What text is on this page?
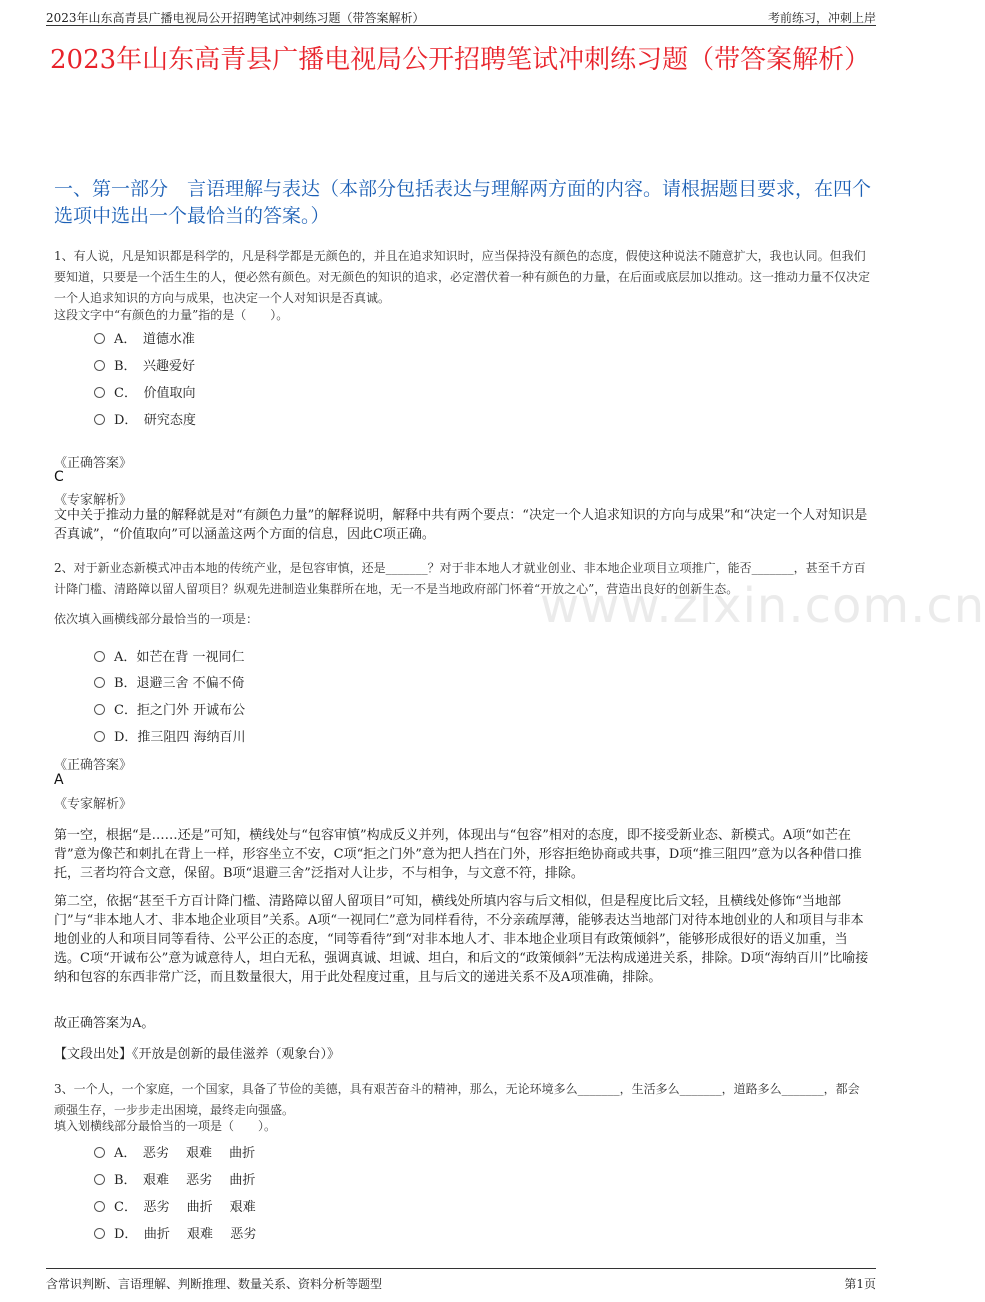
2023年山东高青县广播电视局公开招聘笔试冲刺练习题（带答案解析）	考前练习，冲刺上岸
2023年山东高青县广播电视局公开招聘笔试冲刺练习题（带答案解析）
一、第一部分　言语理解与表达（本部分包括表达与理解两方面的内容。请根据题目要求，在四个选项中选出一个最恰当的答案。）
1、有人说，凡是知识都是科学的，凡是科学都是无颜色的，并且在追求知识时，应当保持没有颜色的态度，假使这种说法不随意扩大，我也认同。但我们要知道，只要是一个活生生的人，便必然有颜色。对无颜色的知识的追求，必定潜伏着一种有颜色的力量，在后面或底层加以推动。这一推动力量不仅决定一个人追求知识的方向与成果，也决定一个人对知识是否真诚。
这段文字中“有颜色的力量”指的是（　　）。
A．　道德水准
B．　兴趣爱好
C．　价值取向
D．　研究态度
《正确答案》
C
《专家解析》
文中关于推动力量的解释就是对“有颜色力量”的解释说明，解释中共有两个要点：“决定一个人追求知识的方向与成果”和“决定一个人对知识是否真诚”，“价值取向”可以涵盖这两个方面的信息，因此C项正确。
2、对于新业态新模式冲击本地的传统产业，是包容审慎，还是_______？对于非本地人才就业创业、非本地企业项目立项推广，能否_______，甚至千方百计降门槛、清路障以留人留项目？纵观先进制造业集群所在地，无一不是当地政府部门怀着“开放之心”，营造出良好的创新生态。
依次填入画横线部分最恰当的一项是：
A．如芒在背 一视同仁
B．退避三舍 不偏不倚
C．拒之门外 开诚布公
D．推三阻四 海纳百川
《正确答案》
A
《专家解析》
第一空，根据“是……还是”可知，横线处与“包容审慎”构成反义并列，体现出与“包容”相对的态度，即不接受新业态、新模式。A项“如芒在背”意为像芒和刺扎在背上一样，形容坐立不安，C项“拒之门外”意为把人挡在门外，形容拒绝协商或共事，D项“推三阻四”意为以各种借口推托，三者均符合文意，保留。B项“退避三舍”泛指对人让步，不与相争，与文意不符，排除。
第二空，依据“甚至千方百计降门槛、清路障以留人留项目”可知，横线处所填内容与后文相似，但是程度比后文轻，且横线处修饰“当地部门”与“非本地人才、非本地企业项目”关系。A项“一视同仁”意为同样看待，不分亲疏厚薄，能够表达当地部门对待本地创业的人和项目与非本地创业的人和项目同等看待、公平公正的态度，“同等看待”到“对非本地人才、非本地企业项目有政策倾斜”，能够形成很好的语义加重，当选。C项“开诚布公”意为诚意待人，坦白无私，强调真诚、坦诚、坦白，和后文的“政策倾斜”无法构成递进关系，排除。D项“海纳百川”比喻接纳和包容的东西非常广泛，而且数量很大，用于此处程度过重，且与后文的递进关系不及A项准确，排除。
故正确答案为A。
【文段出处】《开放是创新的最佳滋养（观象台）》
3、一个人，一个家庭，一个国家，具备了节俭的美德，具有艰苦奋斗的精神，那么，无论环境多么_______，生活多么_______，道路多么_______，都会顽强生存，一步步走出困境，最终走向强盛。
填入划横线部分最恰当的一项是（　　）。
A．　恶劣　 艰难　 曲折
B．　艰难　 恶劣　 曲折
C．　恶劣　 曲折　 艰难
D．　曲折　 艰难　 恶劣
www.zixin.com.cn
含常识判断、言语理解、判断推理、数量关系、资料分析等题型	第1页
